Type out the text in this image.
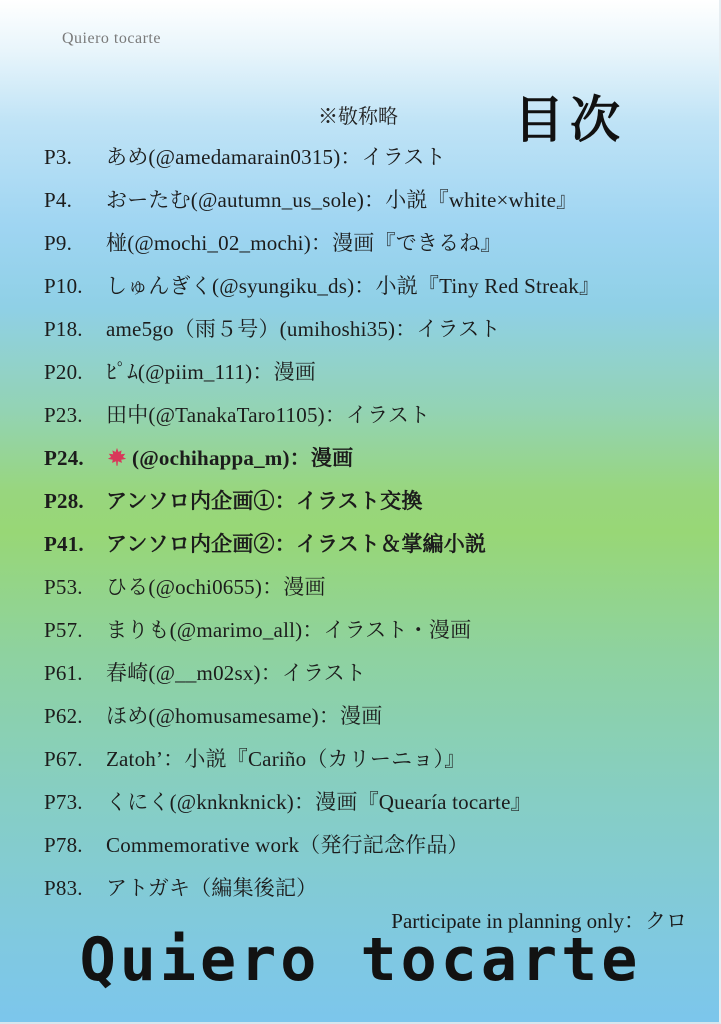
Quiero tocarte
※敬称略 目次
P3. あめ(@amedamarain0315)：イラスト
P4. おーたむ(@autumn_us_sole)：小説『white×white』
P9. 椪(@mochi_02_mochi)：漫画『できるね』
P10. しゅんぎく(@syungiku_ds)：小説『Tiny Red Streak』
P18. ame5go（雨５号）(umihoshi35)：イラスト
P20. ﾋﾟﾑ(@piim_111)：漫画
P23. 田中(@TanakaTaro1105)：イラスト
P24. (@ochihappa_m)：漫画
P28. アンソロ内企画①：イラスト交換
P41. アンソロ内企画②：イラスト＆掌編小説
P53. ひる(@ochi0655)：漫画
P57. まりも(@marimo_all)：イラスト・漫画
P61. 春崎(@__m02sx)：イラスト
P62. ほめ(@homusamesame)：漫画
P67. Zatoh’：小説『Cariño（カリーニョ）』
P73. くにく(@knknknick)：漫画『Quearía tocarte』
P78. Commemorative work（発行記念作品）
P83. アトガキ（編集後記）
Participate in planning only：クロ
Quiero tocarte
